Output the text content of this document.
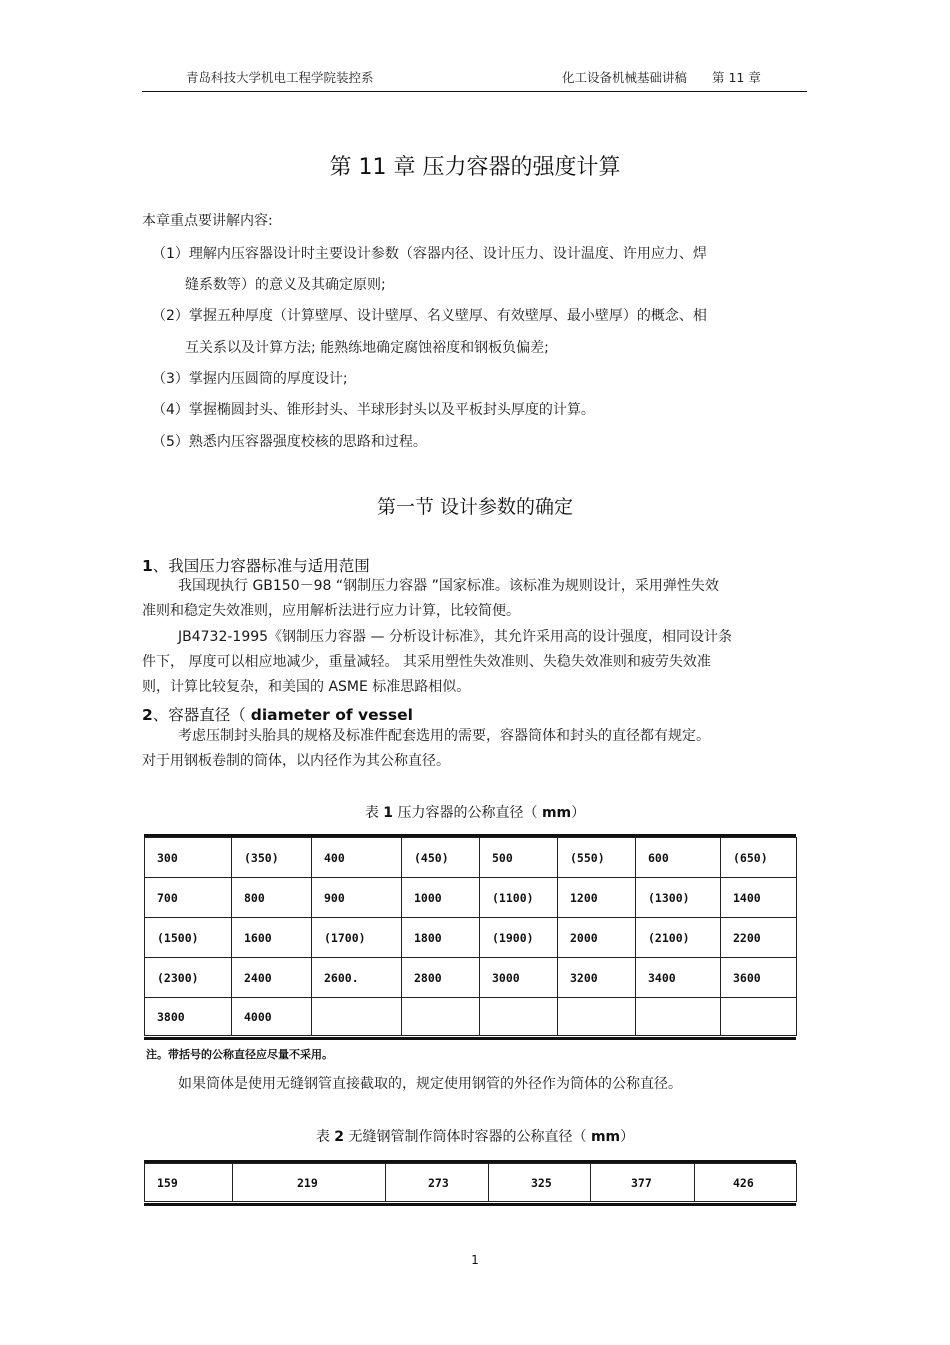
青岛科技大学机电工程学院装控系	化工设备机械基础讲稿 第 11 章
第 11 章 压力容器的强度计算
本章重点要讲解内容:
（1）理解内压容器设计时主要设计参数（容器内径、设计压力、设计温度、许用应力、焊
缝系数等）的意义及其确定原则;
（2）掌握五种厚度（计算壁厚、设计壁厚、名义壁厚、有效壁厚、最小壁厚）的概念、相
互关系以及计算方法; 能熟练地确定腐蚀裕度和钢板负偏差;
（3）掌握内压圆筒的厚度设计;
（4）掌握椭圆封头、锥形封头、半球形封头以及平板封头厚度的计算。
（5）熟悉内压容器强度校核的思路和过程。
第一节 设计参数的确定
1、我国压力容器标准与适用范围
我国现执行 GB150－98 “钢制压力容器 ”国家标准。该标准为规则设计，采用弹性失效
准则和稳定失效准则，应用解析法进行应力计算，比较简便。
JB4732-1995《钢制压力容器 — 分析设计标准》，其允许采用高的设计强度，相同设计条
件下， 厚度可以相应地减少，重量减轻。 其采用塑性失效准则、失稳失效准则和疲劳失效准
则，计算比较复杂，和美国的 ASME 标准思路相似。
2、容器直径（ diameter of vessel
考虑压制封头胎具的规格及标准件配套选用的需要，容器筒体和封头的直径都有规定。
对于用钢板卷制的筒体，以内径作为其公称直径。
表 1 压力容器的公称直径（ mm）
300	(350)	400	(450)	500	(550)	600	(650)
700	800	900	1000	(1100)	1200	(1300)	1400
(1500)	1600	(1700)	1800	(1900)	2000	(2100)	2200
(2300)	2400	2600.	2800	3000	3200	3400	3600
3800	4000						
注。带括号的公称直径应尽量不采用。
如果筒体是使用无缝钢管直接截取的，规定使用钢管的外径作为筒体的公称直径。
表 2 无缝钢管制作筒体时容器的公称直径（ mm）
159	219	273	325	377	426
1
